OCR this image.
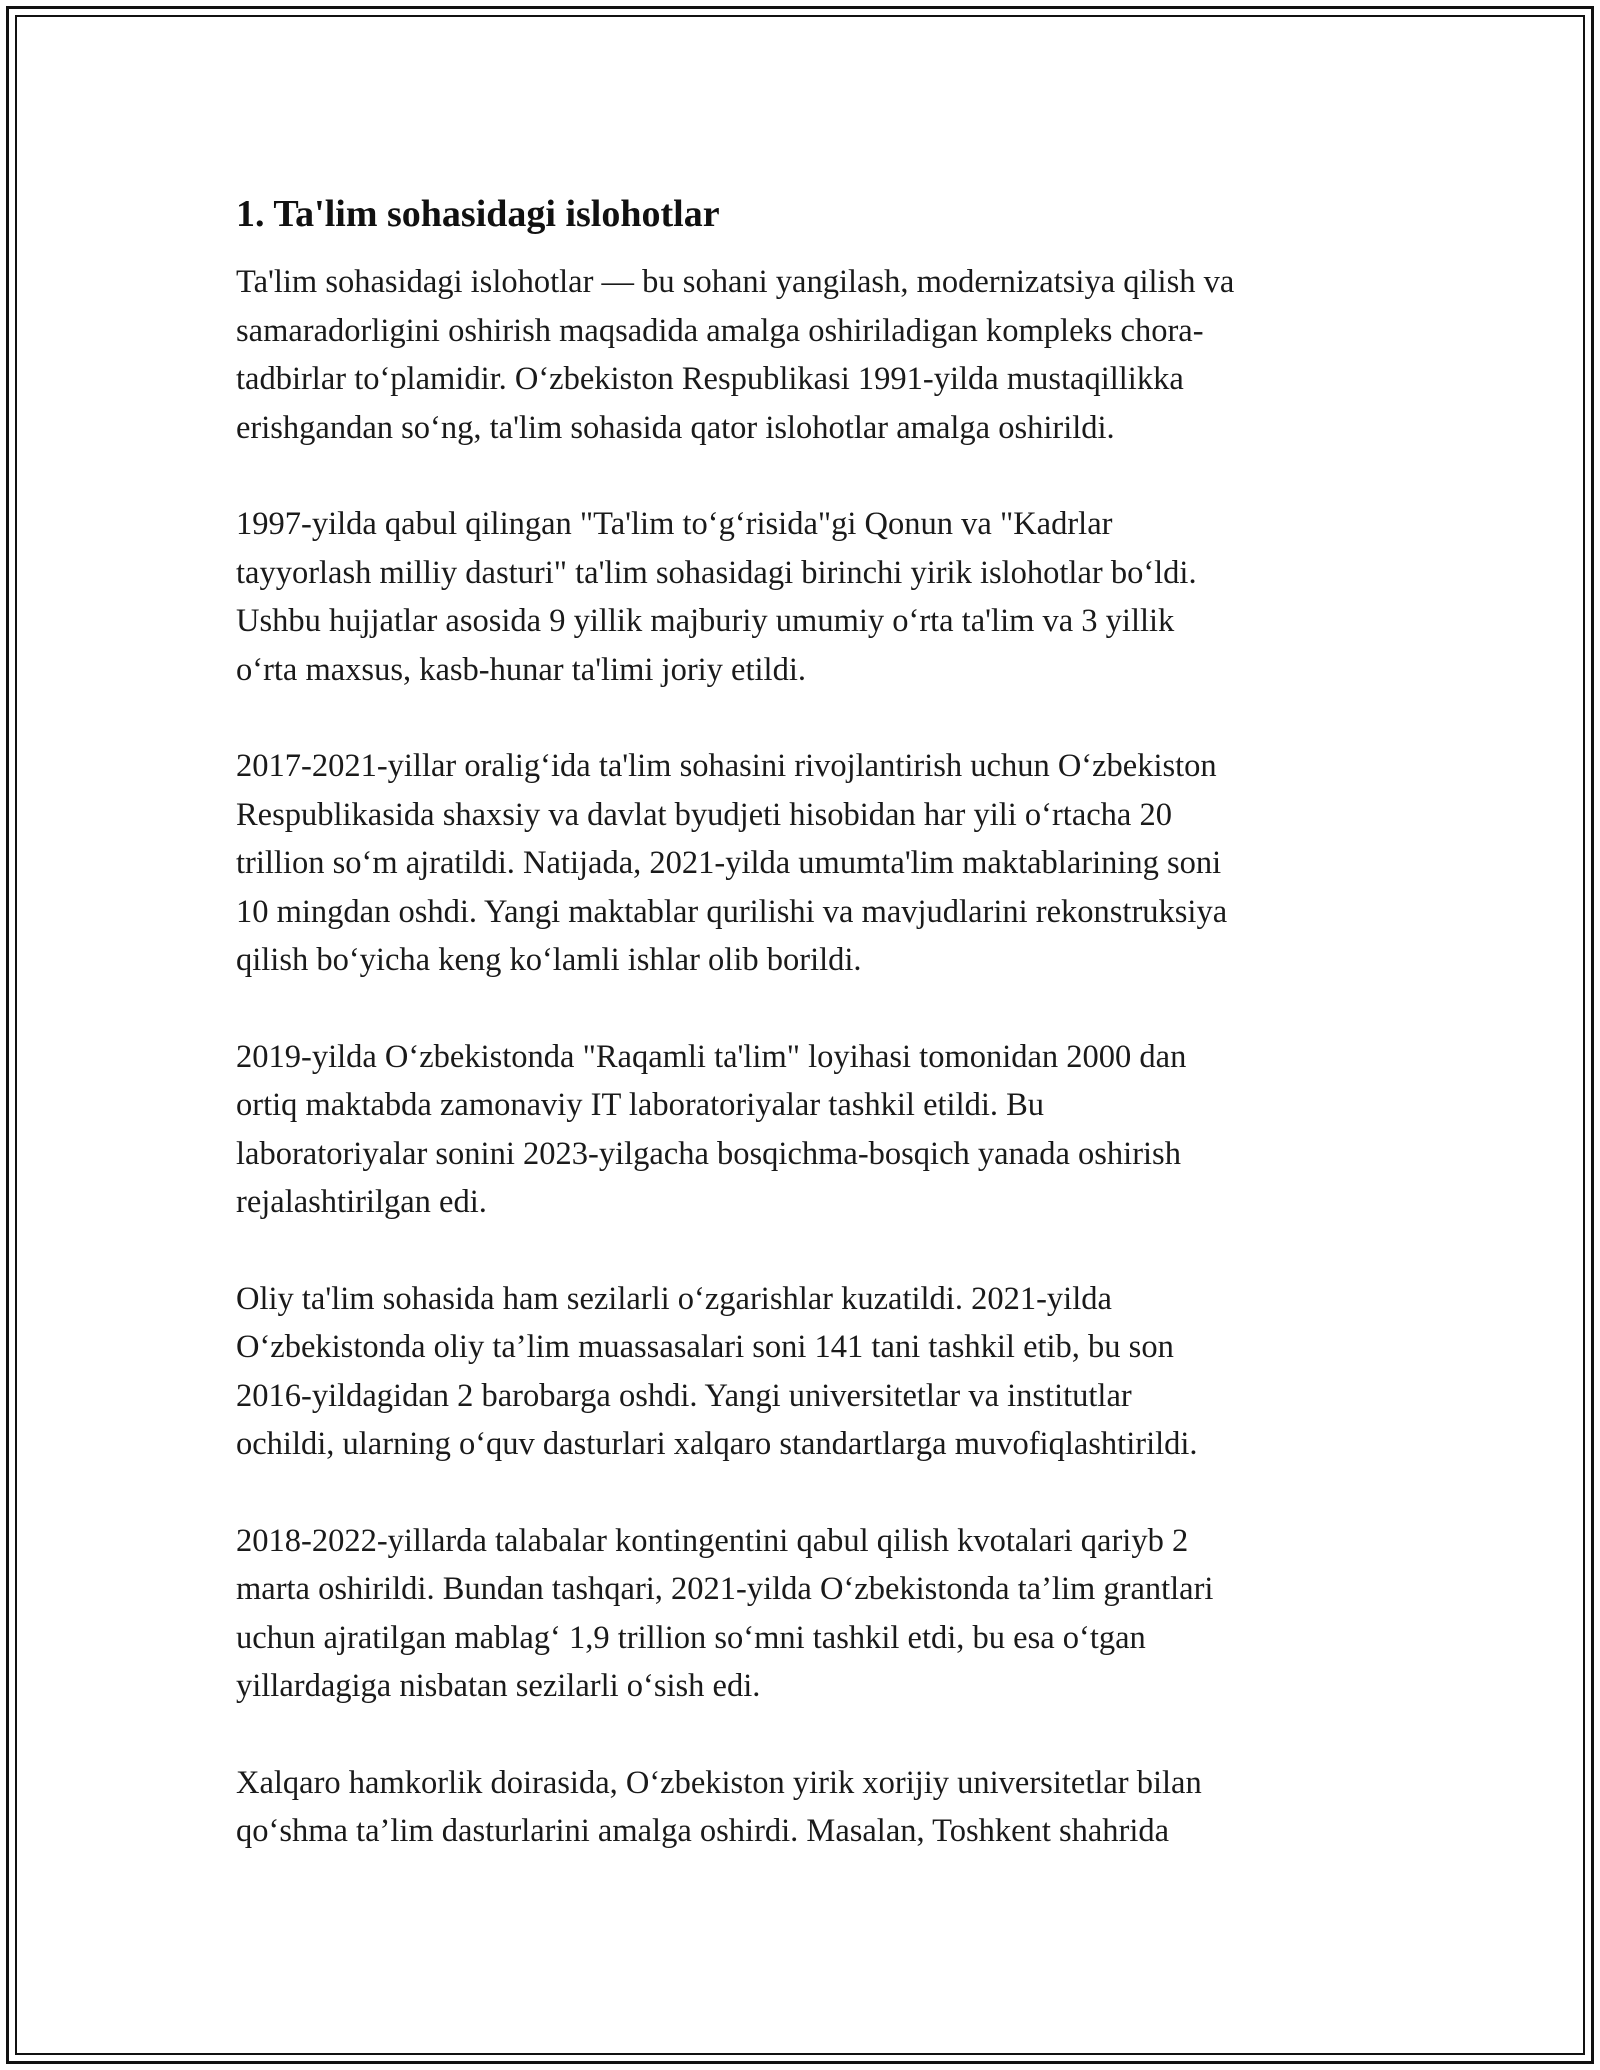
1. Ta'lim sohasidagi islohotlar

Ta'lim sohasidagi islohotlar — bu sohani yangilash, modernizatsiya qilish va
samaradorligini oshirish maqsadida amalga oshiriladigan kompleks chora-
tadbirlar to‘plamidir. O‘zbekiston Respublikasi 1991-yilda mustaqillikka
erishgandan so‘ng, ta'lim sohasida qator islohotlar amalga oshirildi.

1997-yilda qabul qilingan "Ta'lim to‘g‘risida"gi Qonun va "Kadrlar
tayyorlash milliy dasturi" ta'lim sohasidagi birinchi yirik islohotlar bo‘ldi.
Ushbu hujjatlar asosida 9 yillik majburiy umumiy o‘rta ta'lim va 3 yillik
o‘rta maxsus, kasb-hunar ta'limi joriy etildi.

2017-2021-yillar oralig‘ida ta'lim sohasini rivojlantirish uchun O‘zbekiston
Respublikasida shaxsiy va davlat byudjeti hisobidan har yili o‘rtacha 20
trillion so‘m ajratildi. Natijada, 2021-yilda umumta'lim maktablarining soni
10 mingdan oshdi. Yangi maktablar qurilishi va mavjudlarini rekonstruksiya
qilish bo‘yicha keng ko‘lamli ishlar olib borildi.

2019-yilda O‘zbekistonda "Raqamli ta'lim" loyihasi tomonidan 2000 dan
ortiq maktabda zamonaviy IT laboratoriyalar tashkil etildi. Bu
laboratoriyalar sonini 2023-yilgacha bosqichma-bosqich yanada oshirish
rejalashtirilgan edi.

Oliy ta'lim sohasida ham sezilarli o‘zgarishlar kuzatildi. 2021-yilda
O‘zbekistonda oliy ta’lim muassasalari soni 141 tani tashkil etib, bu son
2016-yildagidan 2 barobarga oshdi. Yangi universitetlar va institutlar
ochildi, ularning o‘quv dasturlari xalqaro standartlarga muvofiqlashtirildi.

2018-2022-yillarda talabalar kontingentini qabul qilish kvotalari qariyb 2
marta oshirildi. Bundan tashqari, 2021-yilda O‘zbekistonda ta’lim grantlari
uchun ajratilgan mablag‘ 1,9 trillion so‘mni tashkil etdi, bu esa o‘tgan
yillardagiga nisbatan sezilarli o‘sish edi.

Xalqaro hamkorlik doirasida, O‘zbekiston yirik xorijiy universitetlar bilan
qo‘shma ta’lim dasturlarini amalga oshirdi. Masalan, Toshkent shahrida
